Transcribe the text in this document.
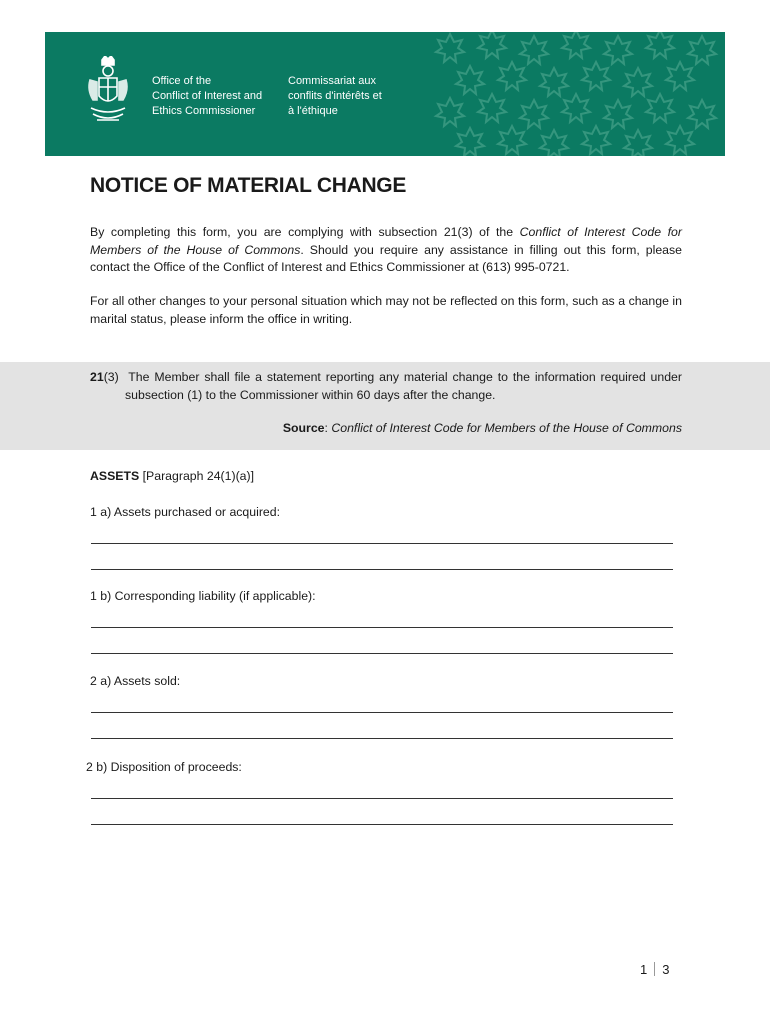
Office of the
Conflict of Interest and
Ethics Commissioner
Commissariat aux
conflits d'intérêts et
à l'éthique
NOTICE OF MATERIAL CHANGE
By completing this form, you are complying with subsection 21(3) of the Conflict of Interest Code for Members of the House of Commons. Should you require any assistance in filling out this form, please contact the Office of the Conflict of Interest and Ethics Commissioner at (613) 995-0721.
For all other changes to your personal situation which may not be reflected on this form, such as a change in marital status, please inform the office in writing.
21(3) The Member shall file a statement reporting any material change to the information required under subsection (1) to the Commissioner within 60 days after the change.
Source: Conflict of Interest Code for Members of the House of Commons
ASSETS [Paragraph 24(1)(a)]
1 a) Assets purchased or acquired:
1 b) Corresponding liability (if applicable):
2 a) Assets sold:
2 b) Disposition of proceeds:
1 3
